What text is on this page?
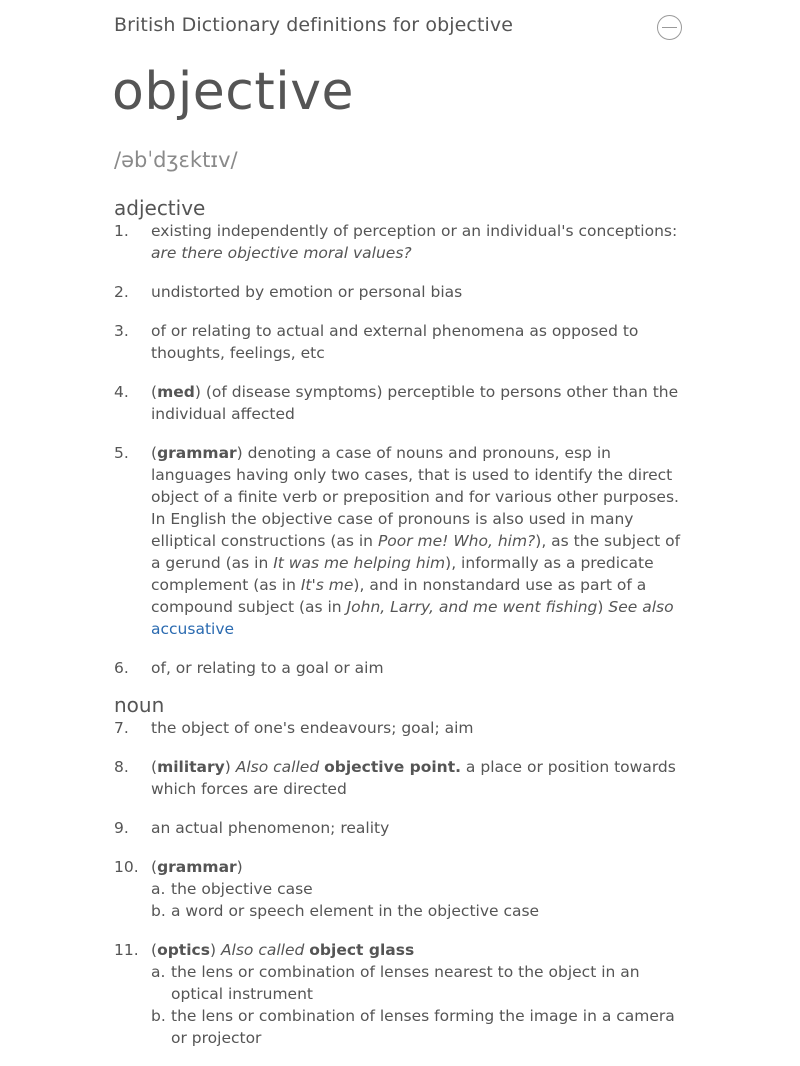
British Dictionary definitions for objective
objective
/əbˈdʒɛktɪv/
adjective
1. existing independently of perception or an individual's conceptions:
are there objective moral values?
2. undistorted by emotion or personal bias
3. of or relating to actual and external phenomena as opposed to thoughts, feelings, etc
4. (med) (of disease symptoms) perceptible to persons other than the individual affected
5. (grammar) denoting a case of nouns and pronouns, esp in languages having only two cases, that is used to identify the direct object of a finite verb or preposition and for various other purposes. In English the objective case of pronouns is also used in many elliptical constructions (as in Poor me! Who, him?), as the subject of a gerund (as in It was me helping him), informally as a predicate complement (as in It's me), and in nonstandard use as part of a compound subject (as in John, Larry, and me went fishing) See also accusative
6. of, or relating to a goal or aim
noun
7. the object of one's endeavours; goal; aim
8. (military) Also called objective point. a place or position towards which forces are directed
9. an actual phenomenon; reality
10. (grammar)
a. the objective case
b. a word or speech element in the objective case
11. (optics) Also called object glass
a. the lens or combination of lenses nearest to the object in an optical instrument
b. the lens or combination of lenses forming the image in a camera or projector
